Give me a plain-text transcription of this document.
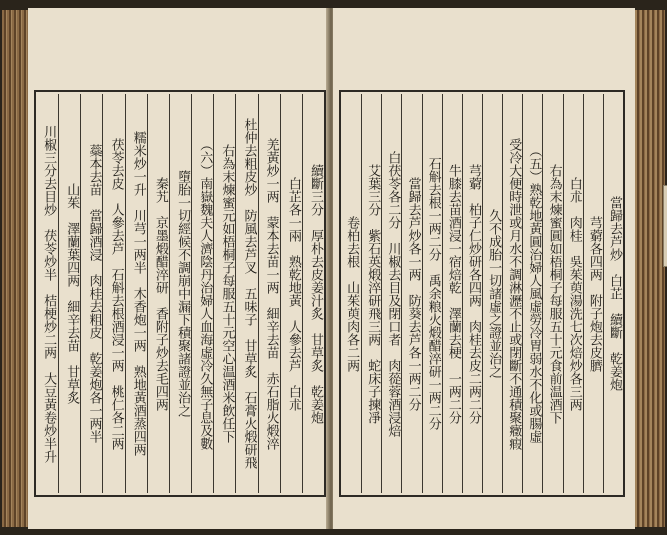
續斷三分　厚朴去皮姜汁炙　甘草炙　乾姜炮
白芷各一兩　熟乾地黃　人參去芦　白朮
羌黃炒一两　蒙本去苗一两　細辛去苗　赤石脂火煅淬
杜仲去粗皮炒　防風去芦叉　五味子　甘草炙　石膏火煅研飛
右為末煉蜜元如梧桐子每服五十元空心温酒米飲任下
（六）南嶽魏夫人濟陰丹治婦人血海虛冷久無子息及數
墮胎一切經候不調崩中漏下積聚諸證並治之
秦艽　京墨煅醋淬研　香附子炒去毛四两
糯米炒一升　川芎一两半　木香炮一两　熟地黃酒蒸四两
茯苓去皮　人參去芦　石斛去根酒浸一两　桃仁各二两
蘂本去苗　當歸酒浸　肉桂去粗皮　乾姜炮各一两半
山茱　澤蘭葉四两　細辛去苗　甘草炙
川椒三分去目炒　茯苓炒半　桔梗炒二两　大豆黃卷炒半升	當歸去芦炒　白芷　續斷　乾姜炮
芎藭各四两　附子炮去皮臍
白朮　肉桂　吳茱萸湯洗七次焙炒各三两
右為末煉蜜圓如梧桐子每服五十元食前温酒下
（五）熟乾地黃圓治婦人風虛勞冷胃弱水不化或腸虛
受冷大便時泄或月水不調淋瀝不止或閉斷不通積聚癥瘕
久不成胎一切諸虛之證並治之
芎藭　柏子仁炒研各四两　肉桂去皮二两二分
牛膝去苗酒浸一宿焙乾　澤蘭去梗　一两二分
石斛去根一两二分　禹余粮火煅醋淬研一两二分
當歸去芦炒各一两　防葵去芦各一两二分
白茯苓各二分　川椒去目及閉口者　肉蓯蓉酒浸焙
艾葉三分　紫石英煅淬研飛三两　蛇床子揀凈
卷柏去根　山茱萸肉各二两
